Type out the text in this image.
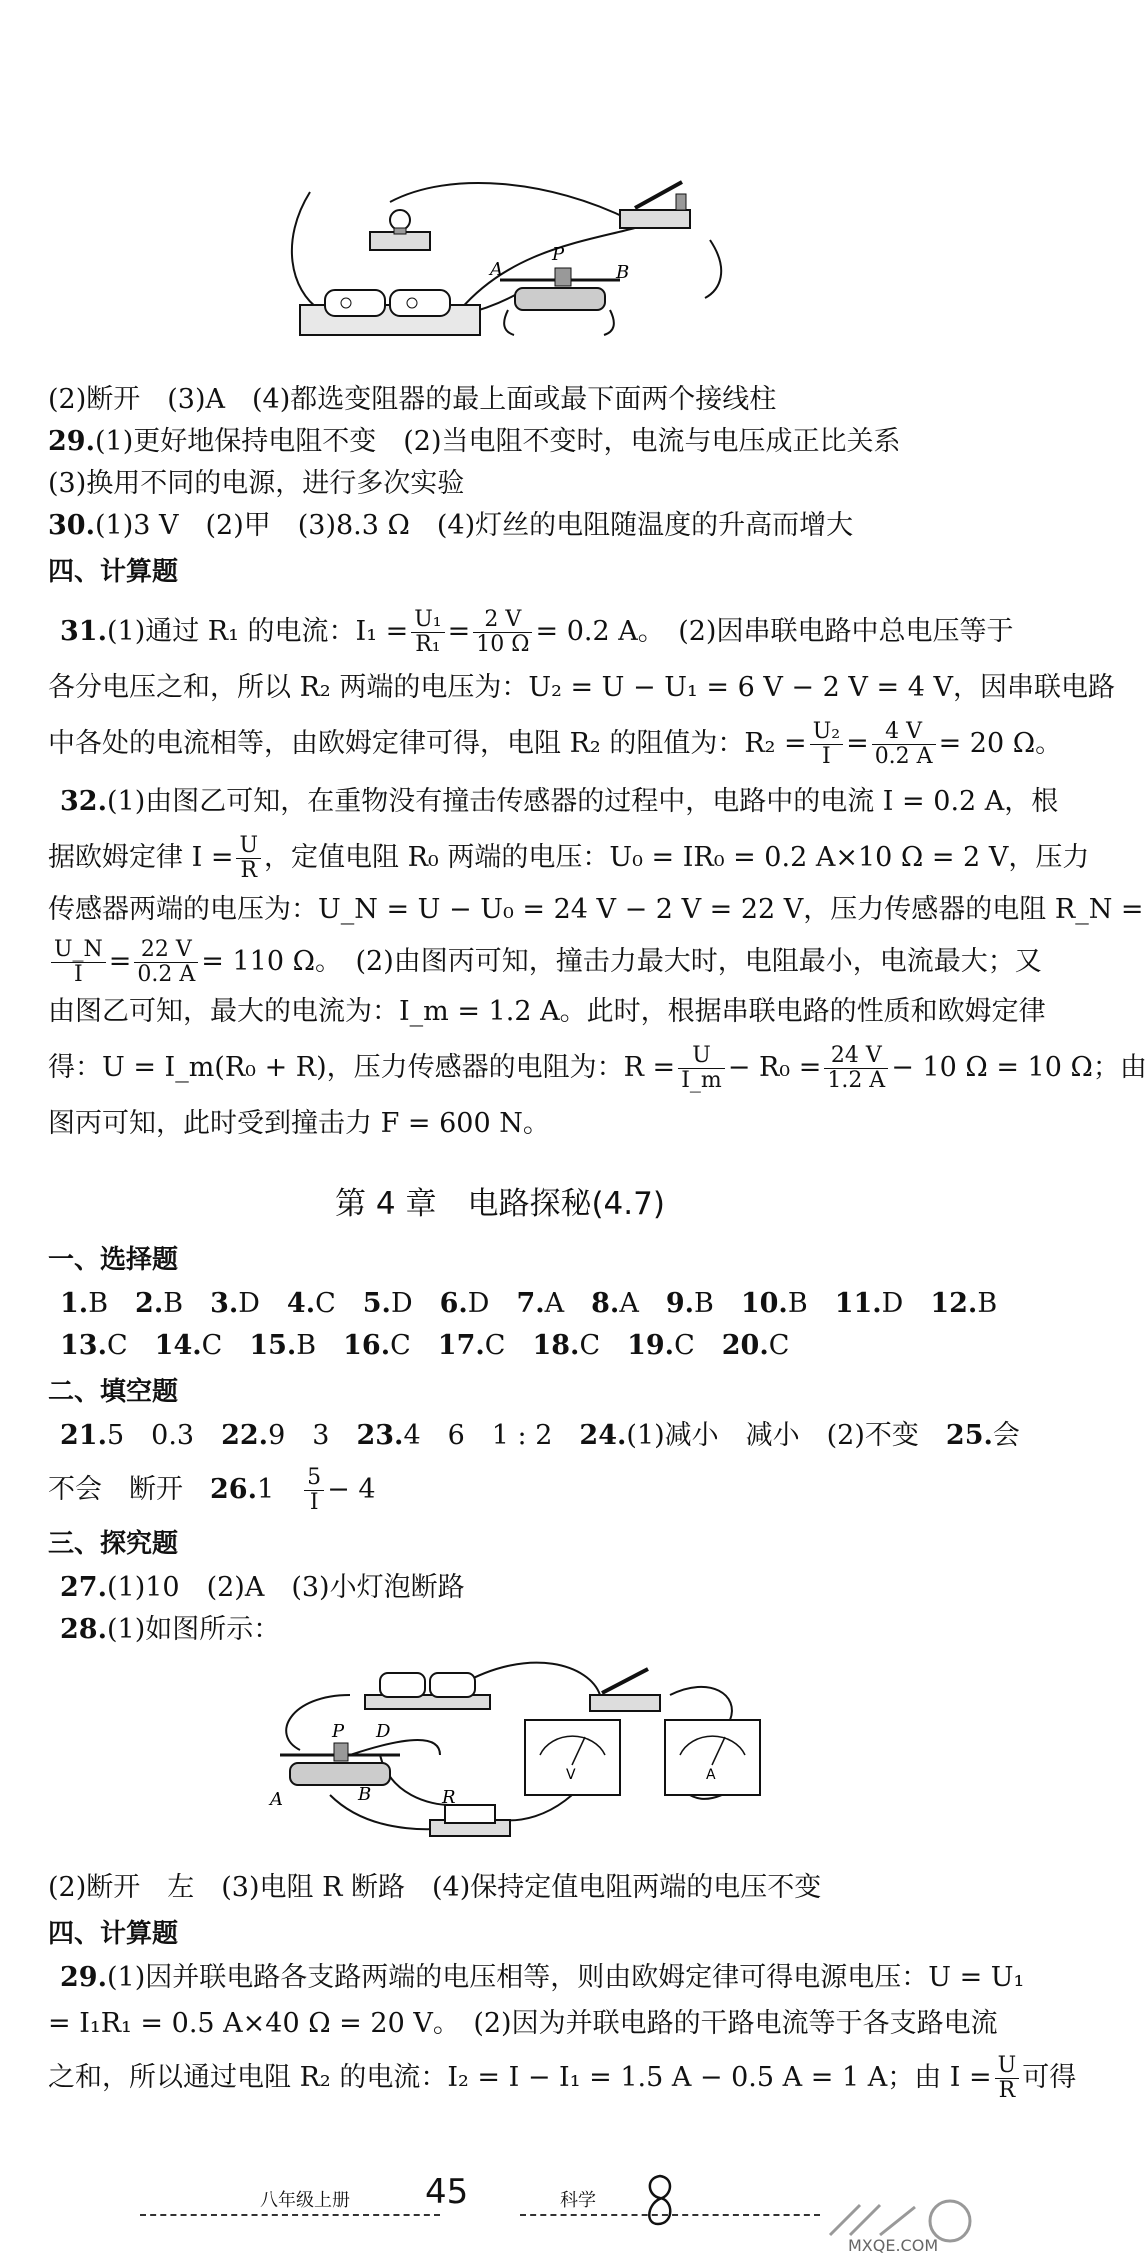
A
P
B
(2)断开　(3)A　(4)都选变阻器的最上面或最下面两个接线柱
29.(1)更好地保持电阻不变　(2)当电阻不变时，电流与电压成正比关系
(3)换用不同的电源，进行多次实验
30.(1)3 V　(2)甲　(3)8.3 Ω　(4)灯丝的电阻随温度的升高而增大
四、计算题
31.(1)通过 R₁ 的电流：$I_1 = \frac{\text{U₁}}{\text{R₁}} = \frac{2 V}{10 \Omega} = 0.2$ A。　(2)因串联电路中总电压等于
各分电压之和，所以 R₂ 两端的电压为：U₂ = U − U₁ = 6 V − 2 V = 4 V，因串联电路
中各处的电流相等，由欧姆定律可得，电阻 R₂ 的阻值为：$R_2 = \frac{\text{U₂}}{I} = \frac{4 V}{0.2 A} = 20$ Ω。
32.(1)由图乙可知，在重物没有撞击传感器的过程中，电路中的电流 I = 0.2 A，根
据欧姆定律 $I = \frac{U}{R}$ ，定值电阻 R₀ 两端的电压：U₀ = IR₀ = 0.2 A×10 Ω = 2 V，压力
传感器两端的电压为：U_N = U − U₀ = 24 V − 2 V = 22 V，压力传感器的电阻 R_N =
$\frac{U\_N}{I} = \frac{22 V}{0.2 A} = 110$ Ω。　(2)由图丙可知，撞击力最大时，电阻最小，电流最大；又
由图乙可知，最大的电流为：I_m = 1.2 A。此时，根据串联电路的性质和欧姆定律
得：U = I_m(R₀ + R)，压力传感器的电阻为：$R = \frac{U}{I\_m} - R_0 = \frac{24 V}{1.2 A} - 10$ Ω = 10 Ω；由
图丙可知，此时受到撞击力 F = 600 N。
第 4 章　电路探秘(4.7)
一、选择题
1.B  2.B  3.D  4.C  5.D  6.D  7.A  8.A  9.B  10.B  11.D  12.B 
13.C  14.C  15.B  16.C  17.C  18.C  19.C  20.C 
二、填空题
21.5　0.3　 22.9　3　 23.4　6　1 : 2　 24.(1)减小　减小　(2)不变　 25.会
不会　断开　 26.1　 $\frac{5}{I} - 4$
三、探究题
27.(1)10　(2)A　(3)小灯泡断路
28.(1)如图所示：
P D
A	B	R
V	A
(2)断开　左　(3)电阻 R 断路　(4)保持定值电阻两端的电压不变
四、计算题
29.(1)因并联电路各支路两端的电压相等，则由欧姆定律可得电源电压：U = U₁
= I₁R₁ = 0.5 A×40 Ω = 20 V。　(2)因为并联电路的干路电流等于各支路电流
之和，所以通过电阻 R₂ 的电流：I₂ = I − I₁ = 1.5 A − 0.5 A = 1 A；由 $I = \frac{U}{R}$ 可得
八年级上册 45	科学
MXQE.COM
